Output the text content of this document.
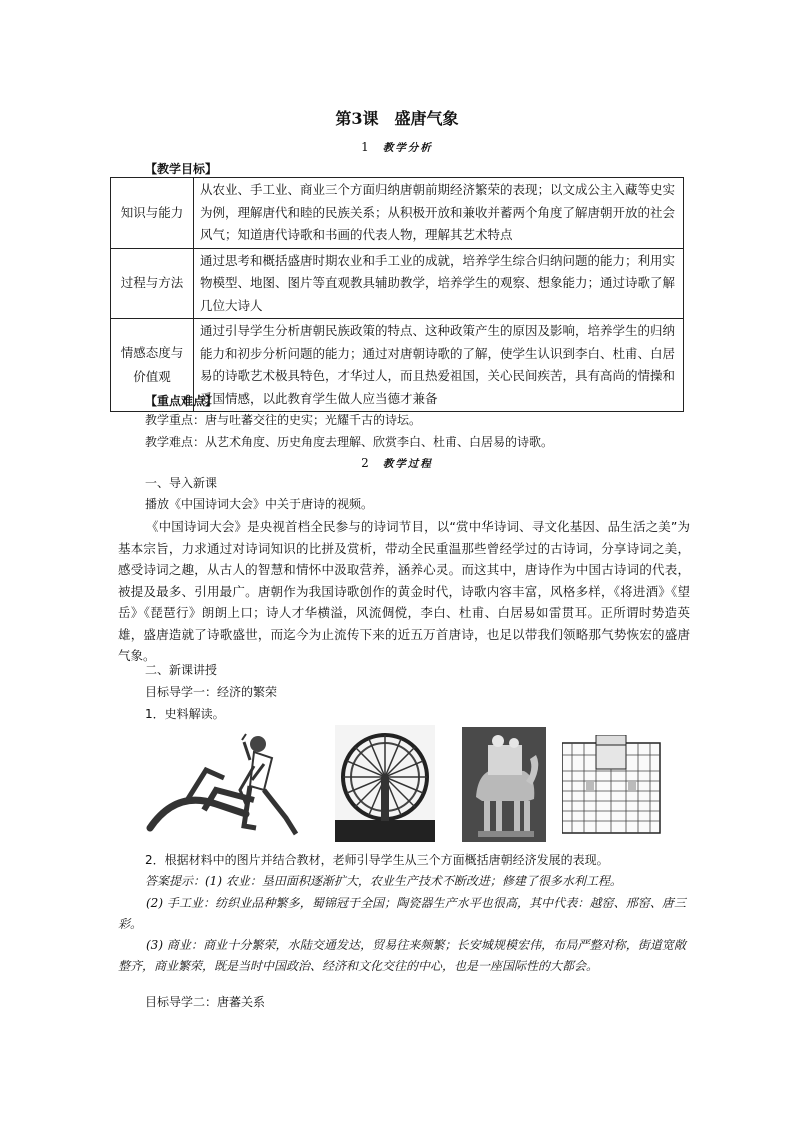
第3课　盛唐气象
1 教学分析
【教学目标】
知识与能力	从农业、手工业、商业三个方面归纳唐朝前期经济繁荣的表现；以文成公主入藏等史实为例，理解唐代和睦的民族关系；从积极开放和兼收并蓄两个角度了解唐朝开放的社会风气；知道唐代诗歌和书画的代表人物，理解其艺术特点
过程与方法	通过思考和概括盛唐时期农业和手工业的成就，培养学生综合归纳问题的能力；利用实物模型、地图、图片等直观教具辅助教学，培养学生的观察、想象能力；通过诗歌了解几位大诗人
情感态度与价值观	通过引导学生分析唐朝民族政策的特点、这种政策产生的原因及影响，培养学生的归纳能力和初步分析问题的能力；通过对唐朝诗歌的了解，使学生认识到李白、杜甫、白居易的诗歌艺术极具特色，才华过人，而且热爱祖国，关心民间疾苦，具有高尚的情操和爱国情感，以此教育学生做人应当德才兼备
【重点难点】
教学重点：唐与吐蕃交往的史实；光耀千古的诗坛。
教学难点：从艺术角度、历史角度去理解、欣赏李白、杜甫、白居易的诗歌。
2 教学过程
一、导入新课
播放《中国诗词大会》中关于唐诗的视频。
《中国诗词大会》是央视首档全民参与的诗词节目，以“赏中华诗词、寻文化基因、品生活之美”为基本宗旨，力求通过对诗词知识的比拼及赏析，带动全民重温那些曾经学过的古诗词，分享诗词之美，感受诗词之趣，从古人的智慧和情怀中汲取营养，涵养心灵。而这其中，唐诗作为中国古诗词的代表，被提及最多、引用最广。唐朝作为我国诗歌创作的黄金时代，诗歌内容丰富，风格多样，《将进酒》《望岳》《琵琶行》朗朗上口；诗人才华横溢，风流倜傥，李白、杜甫、白居易如雷贯耳。正所谓时势造英雄，盛唐造就了诗歌盛世，而迄今为止流传下来的近五万首唐诗，也足以带我们领略那气势恢宏的盛唐气象。
二、新课讲授
目标导学一：经济的繁荣
1．史料解读。
2．根据材料中的图片并结合教材，老师引导学生从三个方面概括唐朝经济发展的表现。
答案提示：(1) 农业：垦田面积逐渐扩大，农业生产技术不断改进；修建了很多水利工程。
(2) 手工业：纺织业品种繁多，蜀锦冠于全国；陶瓷器生产水平也很高，其中代表：越窑、邢窑、唐三彩。
(3) 商业：商业十分繁荣，水陆交通发达，贸易往来频繁；长安城规模宏伟，布局严整对称，街道宽敞整齐，商业繁荣，既是当时中国政治、经济和文化交往的中心，也是一座国际性的大都会。
目标导学二：唐蕃关系
